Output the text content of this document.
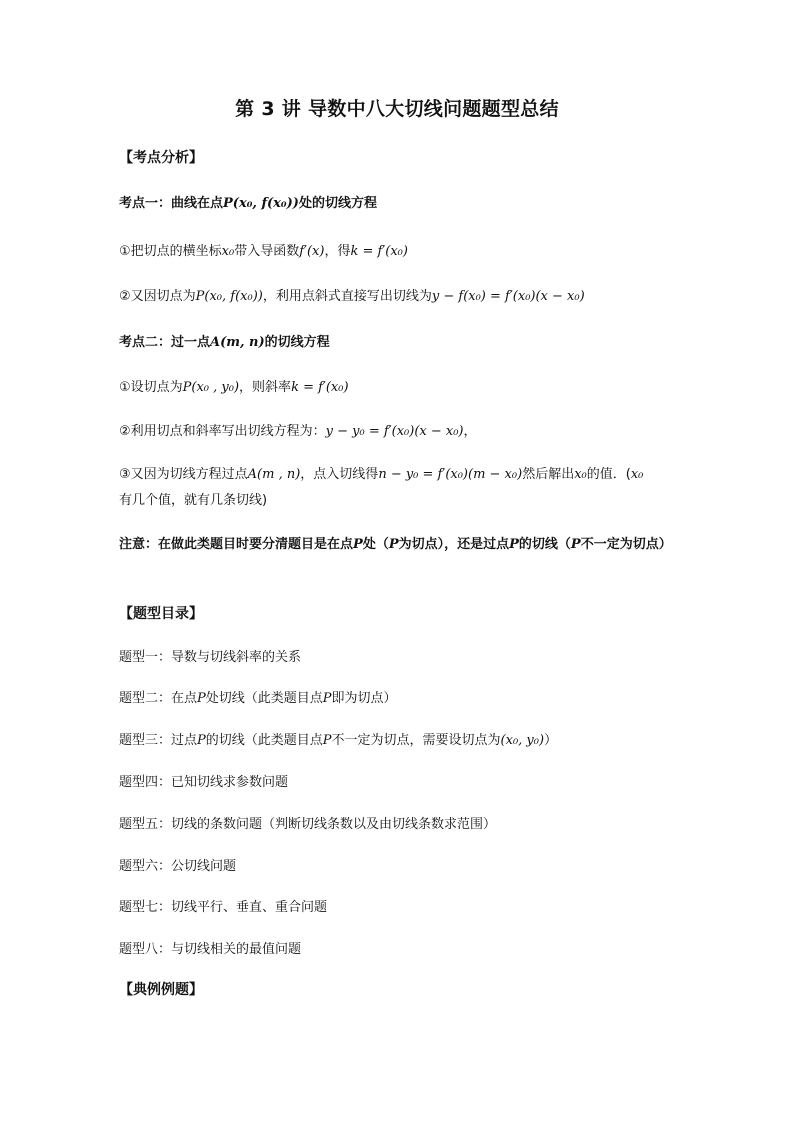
第 3 讲 导数中八大切线问题题型总结
【考点分析】
考点一：曲线在点P(x₀, f(x₀))处的切线方程
①把切点的横坐标x₀带入导函数f′(x)，得k = f′(x₀)
②又因切点为P(x₀, f(x₀))，利用点斜式直接写出切线为y − f(x₀) = f′(x₀)(x − x₀)
考点二：过一点A(m, n)的切线方程
①设切点为P(x₀ , y₀)，则斜率k = f′(x₀)
②利用切点和斜率写出切线方程为：y − y₀ = f′(x₀)(x − x₀)，
③又因为切线方程过点A(m , n)，点入切线得n − y₀ = f′(x₀)(m − x₀)然后解出x₀的值．(x₀
有几个值，就有几条切线)
注意：在做此类题目时要分清题目是在点P处（P为切点），还是过点P的切线（P不一定为切点）
【题型目录】
题型一：导数与切线斜率的关系
题型二：在点P处切线（此类题目点P即为切点）
题型三：过点P的切线（此类题目点P不一定为切点，需要设切点为(x₀, y₀)）
题型四：已知切线求参数问题
题型五：切线的条数问题（判断切线条数以及由切线条数求范围）
题型六：公切线问题
题型七：切线平行、垂直、重合问题
题型八：与切线相关的最值问题
【典例例题】
